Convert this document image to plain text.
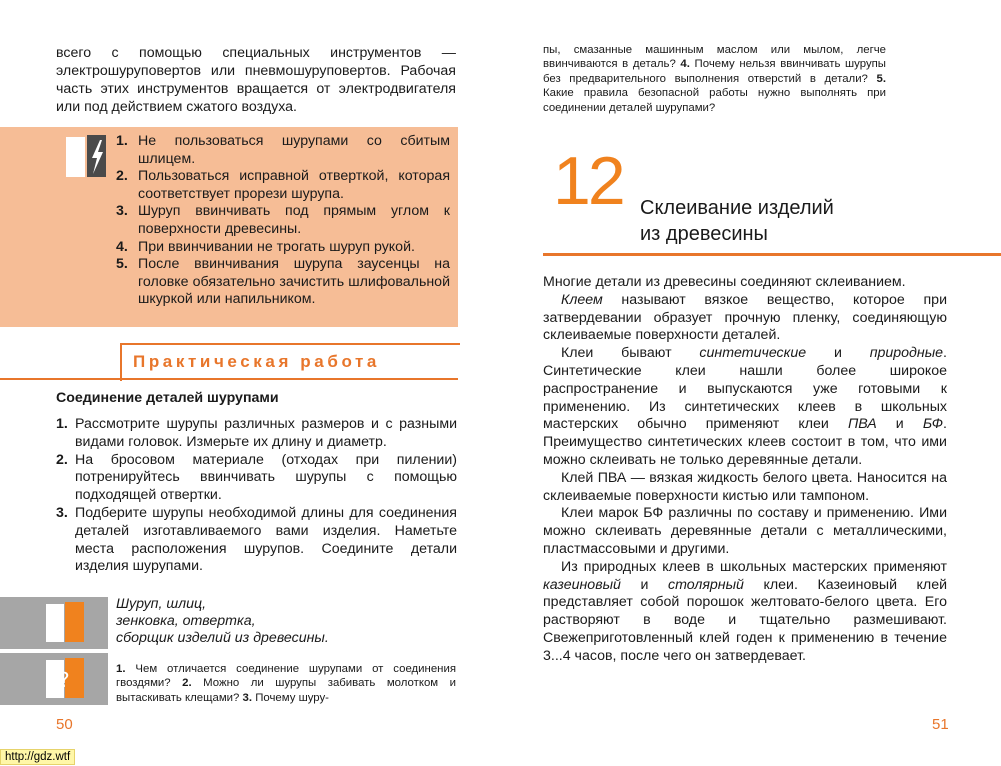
всего с помощью специальных инструментов — электрошуруповертов или пневмошуруповертов. Рабочая часть этих инструментов вращается от электродвигателя или под действием сжатого воздуха.
1. Не пользоваться шурупами со сбитым шлицем.
2. Пользоваться исправной отверткой, которая соответствует прорези шурупа.
3. Шуруп ввинчивать под прямым углом к поверхности древесины.
4. При ввинчивании не трогать шуруп рукой.
5. После ввинчивания шурупа заусенцы на головке обязательно зачистить шлифовальной шкуркой или напильником.
Практическая работа
Соединение деталей шурупами
1. Рассмотрите шурупы различных размеров и с разными видами головок. Измерьте их длину и диаметр.
2. На бросовом материале (отходах при пилении) потренируйтесь ввинчивать шурупы с помощью подходящей отвертки.
3. Подберите шурупы необходимой длины для соединения деталей изготавливаемого вами изделия. Наметьте места расположения шурупов. Соедините детали изделия шурупами.
*
Шуруп, шлиц,
зенковка, отвертка,
сборщик изделий из древесины.
?	1. Чем отличается соединение шурупами от соединения гвоздями? 2. Можно ли шурупы забивать молотком и вытаскивать клещами? 3. Почему шуру-
50
http://gdz.wtf
пы, смазанные машинным маслом или мылом, легче ввинчиваются в деталь? 4. Почему нельзя ввинчивать шурупы без предварительного выполнения отверстий в детали? 5. Какие правила безопасной работы нужно выполнять при соединении деталей шурупами?
12 Склеивание изделий
из древесины

Многие детали из древесины соединяют склеиванием.

Клеем называют вязкое вещество, которое при затвердевании образует прочную пленку, соединяющую склеиваемые поверхности деталей.

Клеи бывают синтетические и природные. Синтетические клеи нашли более широкое распространение и выпускаются уже готовыми к применению. Из синтетических клеев в школьных мастерских обычно применяют клеи ПВА и БФ. Преимущество синтетических клеев состоит в том, что ими можно склеивать не только деревянные детали.

Клей ПВА — вязкая жидкость белого цвета. Наносится на склеиваемые поверхности кистью или тампоном.

Клеи марок БФ различны по составу и применению. Ими можно склеивать деревянные детали с металлическими, пластмассовыми и другими.

Из природных клеев в школьных мастерских применяют казеиновый и столярный клеи. Казеиновый клей представляет собой порошок желтовато-белого цвета. Его растворяют в воде и тщательно размешивают. Свежеприготовленный клей годен к применению в течение 3...4 часов, после чего он затвердевает.

51
